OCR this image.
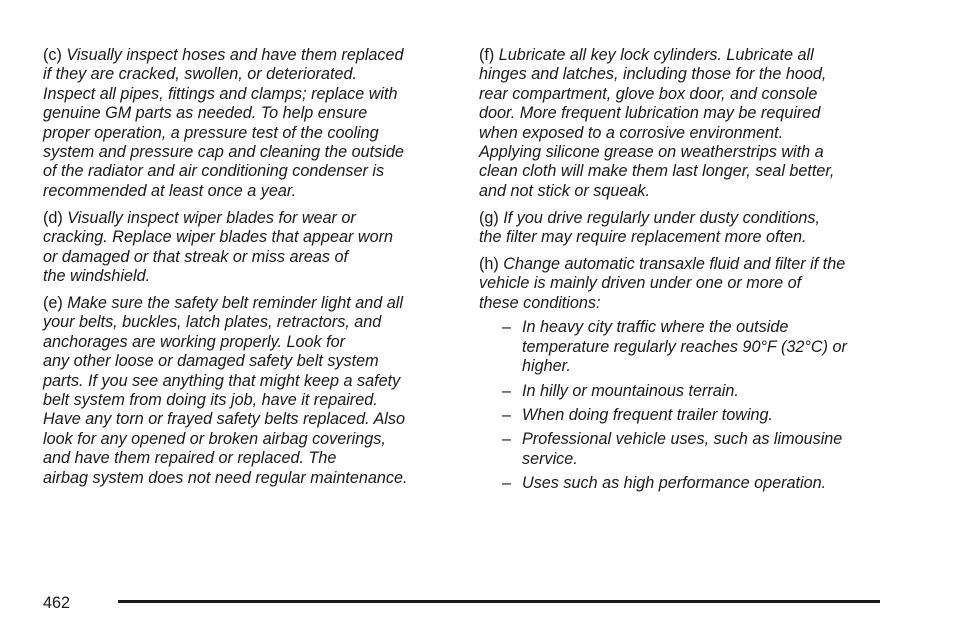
(c) Visually inspect hoses and have them replaced
if they are cracked, swollen, or deteriorated.
Inspect all pipes, fittings and clamps; replace with
genuine GM parts as needed. To help ensure
proper operation, a pressure test of the cooling
system and pressure cap and cleaning the outside
of the radiator and air conditioning condenser is
recommended at least once a year.

(d) Visually inspect wiper blades for wear or
cracking. Replace wiper blades that appear worn
or damaged or that streak or miss areas of
the windshield.

(e) Make sure the safety belt reminder light and all
your belts, buckles, latch plates, retractors, and
anchorages are working properly. Look for
any other loose or damaged safety belt system
parts. If you see anything that might keep a safety
belt system from doing its job, have it repaired.
Have any torn or frayed safety belts replaced. Also
look for any opened or broken airbag coverings,
and have them repaired or replaced. The
airbag system does not need regular maintenance.

(f) Lubricate all key lock cylinders. Lubricate all
hinges and latches, including those for the hood,
rear compartment, glove box door, and console
door. More frequent lubrication may be required
when exposed to a corrosive environment.
Applying silicone grease on weatherstrips with a
clean cloth will make them last longer, seal better,
and not stick or squeak.

(g) If you drive regularly under dusty conditions,
the filter may require replacement more often.

(h) Change automatic transaxle fluid and filter if the
vehicle is mainly driven under one or more of
these conditions:

– In heavy city traffic where the outside
temperature regularly reaches 90°F (32°C) or
higher.
– In hilly or mountainous terrain.
– When doing frequent trailer towing.
– Professional vehicle uses, such as limousine
service.
– Uses such as high performance operation.
462
